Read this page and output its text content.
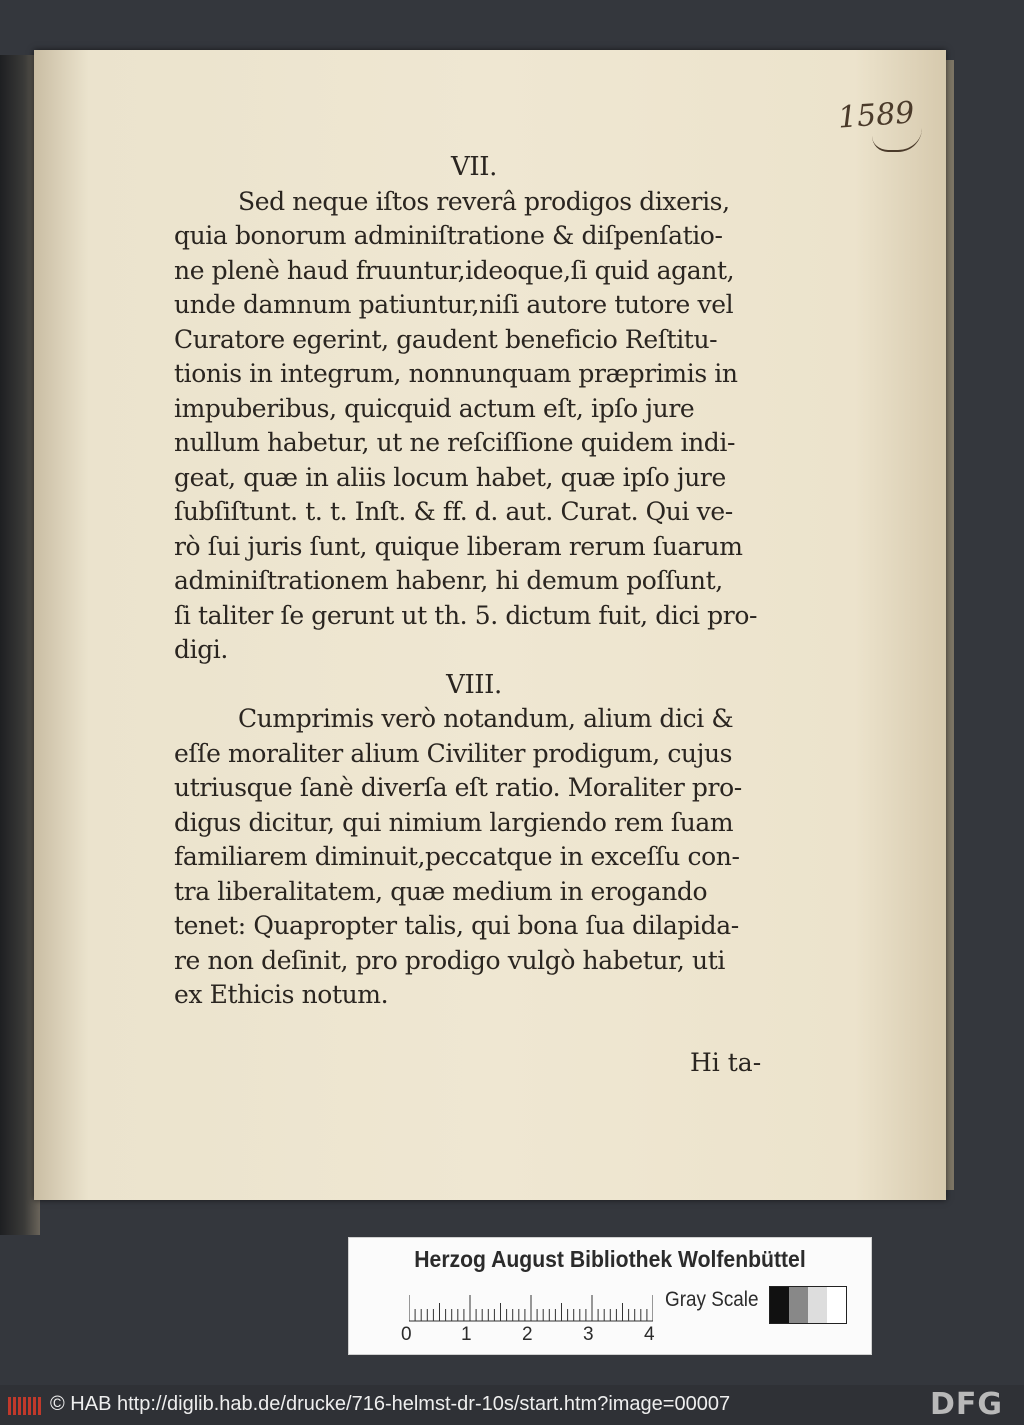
1589
VII.
Sed neque iſtos reverâ prodigos dixeris,
quia bonorum adminiſtratione & diſpenſatio-
ne plenè haud fruuntur,ideoque,ſi quid agant,
unde damnum patiuntur,niſi autore tutore vel
Curatore egerint, gaudent beneficio Reſtitu-
tionis in integrum, nonnunquam præprimis in
impuberibus, quicquid actum eſt, ipſo jure
nullum habetur, ut ne reſciſſione quidem indi-
geat, quæ in aliis locum habet, quæ ipſo jure
ſubſiſtunt. t. t. Inſt. & ff. d. aut. Curat. Qui ve-
rò ſui juris ſunt, quique liberam rerum ſuarum
adminiſtrationem habenr, hi demum poſſunt,
ſi taliter ſe gerunt ut th. 5. dictum fuit, dici pro-
digi.
VIII.
Cumprimis verò notandum, alium dici &
eſſe moraliter alium Civiliter prodigum, cujus
utriusque ſanè diverſa eſt ratio. Moraliter pro-
digus dicitur, qui nimium largiendo rem ſuam
familiarem diminuit,peccatque in exceſſu con-
tra liberalitatem, quæ medium in erogando
tenet: Quapropter talis, qui bona ſua dilapida-
re non deſinit, pro prodigo vulgò habetur, uti
ex Ethicis notum.
Hi ta-
Herzog August Bibliothek Wolfenbüttel
0	1	2	3	4
Gray Scale
© HAB http://diglib.hab.de/drucke/716-helmst-dr-10s/start.htm?image=00007	DFG
